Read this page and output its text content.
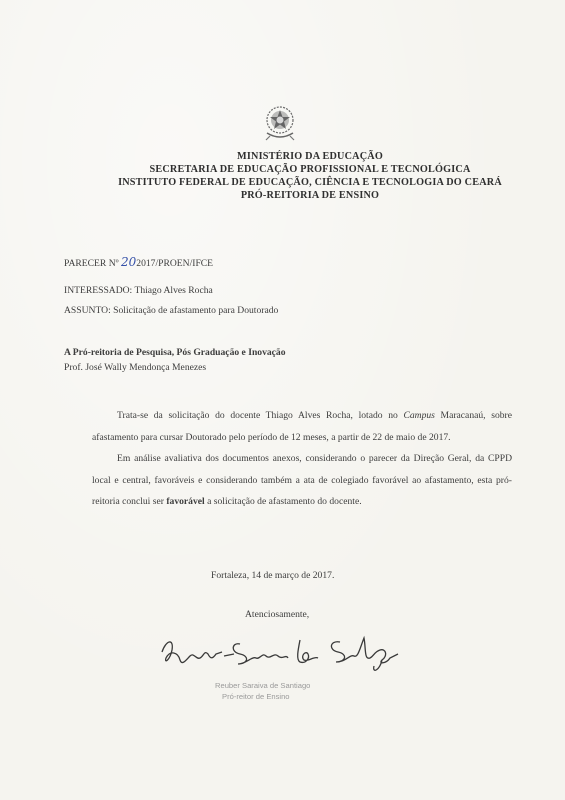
MINISTÉRIO DA EDUCAÇÃO
SECRETARIA DE EDUCAÇÃO PROFISSIONAL E TECNOLÓGICA
INSTITUTO FEDERAL DE EDUCAÇÃO, CIÊNCIA E TECNOLOGIA DO CEARÁ
PRÓ-REITORIA DE ENSINO
PARECER Nº 202017/PROEN/IFCE
INTERESSADO: Thiago Alves Rocha
ASSUNTO: Solicitação de afastamento para Doutorado
A Pró-reitoria de Pesquisa, Pós Graduação e Inovação
Prof. José Wally Mendonça Menezes

Trata-se da solicitação do docente Thiago Alves Rocha, lotado no Campus Maracanaú, sobre afastamento para cursar Doutorado pelo período de 12 meses, a partir de 22 de maio de 2017.

Em análise avaliativa dos documentos anexos, considerando o parecer da Direção Geral, da CPPD local e central, favoráveis e considerando também a ata de colegiado favorável ao afastamento, esta pró-reitoria conclui ser favorável a solicitação de afastamento do docente.

Fortaleza, 14 de março de 2017.
Atenciosamente,
Reuber Saraiva de Santiago
Pró-reitor de Ensino
